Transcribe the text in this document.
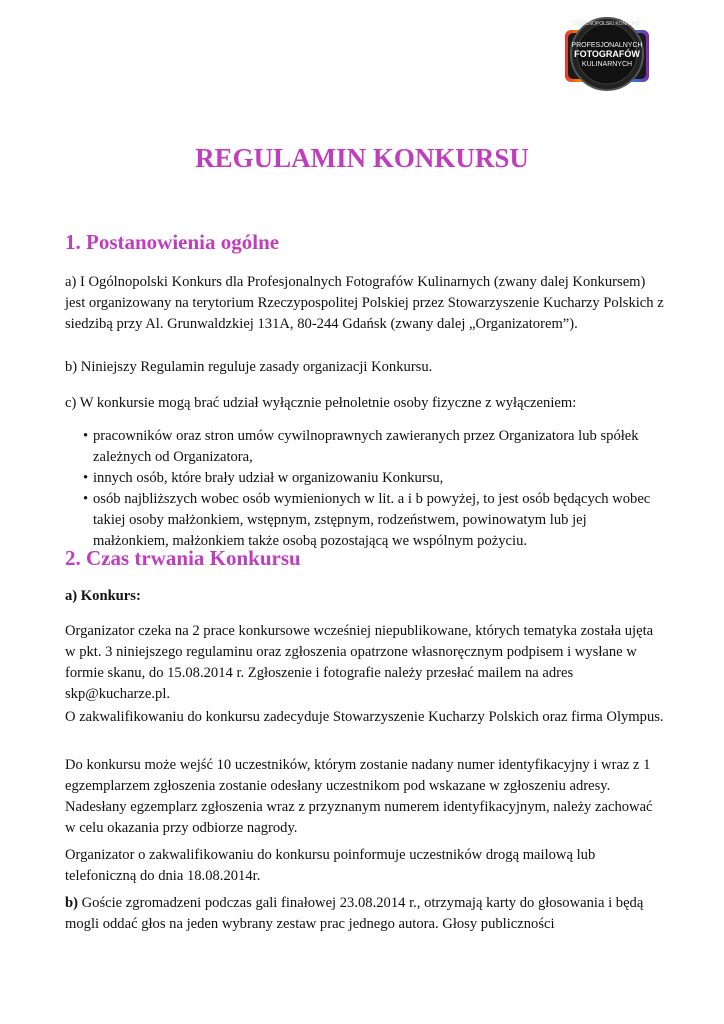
OGÓLNOPOLSKI KONKURS
PROFESJONALNYCH
FOTOGRAFÓW
KULINARNYCH
REGULAMIN KONKURSU
1. Postanowienia ogólne

a) I Ogólnopolski Konkurs dla Profesjonalnych Fotografów Kulinarnych (zwany dalej Konkursem) jest organizowany na terytorium Rzeczypospolitej Polskiej przez Stowarzyszenie Kucharzy Polskich z siedzibą przy Al. Grunwaldzkiej 131A, 80-244 Gdańsk (zwany dalej „Organizatorem”).

b) Niniejszy Regulamin reguluje zasady organizacji Konkursu.

c) W konkursie mogą brać udział wyłącznie pełnoletnie osoby fizyczne z wyłączeniem:

pracowników oraz stron umów cywilnoprawnych zawieranych przez Organizatora lub spółek zależnych od Organizatora,
innych osób, które brały udział w organizowaniu Konkursu,
osób najbliższych wobec osób wymienionych w lit. a i b powyżej, to jest osób będących wobec takiej osoby małżonkiem, wstępnym, zstępnym, rodzeństwem, powinowatym lub jej małżonkiem, małżonkiem także osobą pozostającą we wspólnym pożyciu.
2. Czas trwania Konkursu

a) Konkurs:

Organizator czeka na 2 prace konkursowe wcześniej niepublikowane, których tematyka została ujęta w pkt. 3 niniejszego regulaminu oraz zgłoszenia opatrzone własnoręcznym podpisem i wysłane w formie skanu, do 15.08.2014 r. Zgłoszenie i fotografie należy przesłać mailem na adres skp@kucharze.pl.

O zakwalifikowaniu do konkursu zadecyduje Stowarzyszenie Kucharzy Polskich oraz firma Olympus.

Do konkursu może wejść 10 uczestników, którym zostanie nadany numer identyfikacyjny i wraz z 1 egzemplarzem zgłoszenia zostanie odesłany uczestnikom pod wskazane w zgłoszeniu adresy. Nadesłany egzemplarz zgłoszenia wraz z przyznanym numerem identyfikacyjnym, należy zachować w celu okazania przy odbiorze nagrody.

Organizator o zakwalifikowaniu do konkursu poinformuje uczestników drogą mailową lub telefoniczną do dnia 18.08.2014r.

b) Goście zgromadzeni podczas gali finałowej 23.08.2014 r., otrzymają karty do głosowania i będą mogli oddać głos na jeden wybrany zestaw prac jednego autora. Głosy publiczności
